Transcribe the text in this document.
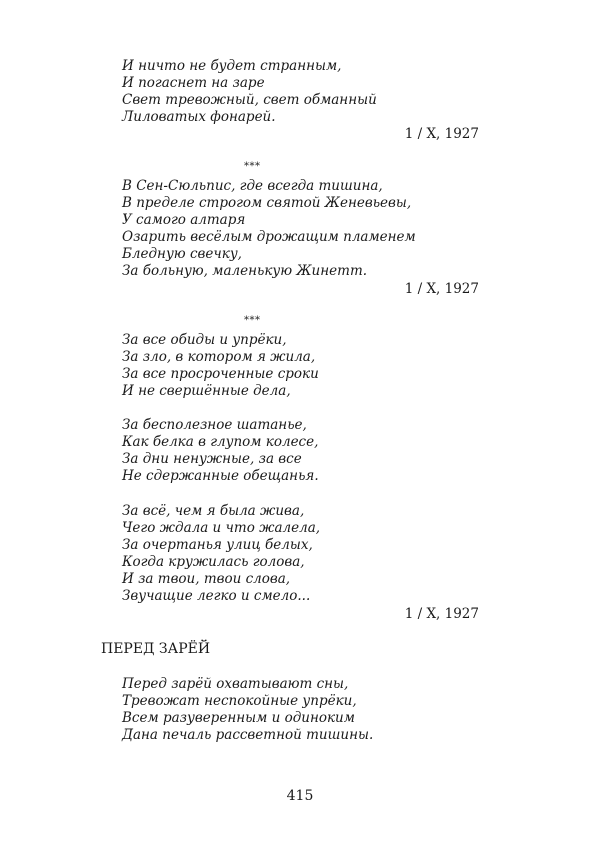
И ничто не будет странным,
И погаснет на заре
Свет тревожный, свет обманный
Лиловатых фонарей.
1 / X, 1927
***
В Сен-Сюльпис, где всегда тишина,
В пределе строгом святой Женевьевы,
У самого алтаря
Озарить весёлым дрожащим пламенем
Бледную свечку,
За больную, маленькую Жинетт.
1 / X, 1927
***
За все обиды и упрёки,
За зло, в котором я жила,
За все просроченные сроки
И не свершённые дела,
За бесполезное шатанье,
Как белка в глупом колесе,
За дни ненужные, за все
Не сдержанные обещанья.
За всё, чем я была жива,
Чего ждала и что жалела,
За очертанья улиц белых,
Когда кружилась голова,
И за твои, твои слова,
Звучащие легко и смело...
1 / X, 1927
ПЕРЕД ЗАРЁЙ
Перед зарёй охватывают сны,
Тревожат неспокойные упрёки,
Всем разуверенным и одиноким
Дана печаль рассветной тишины.
415
